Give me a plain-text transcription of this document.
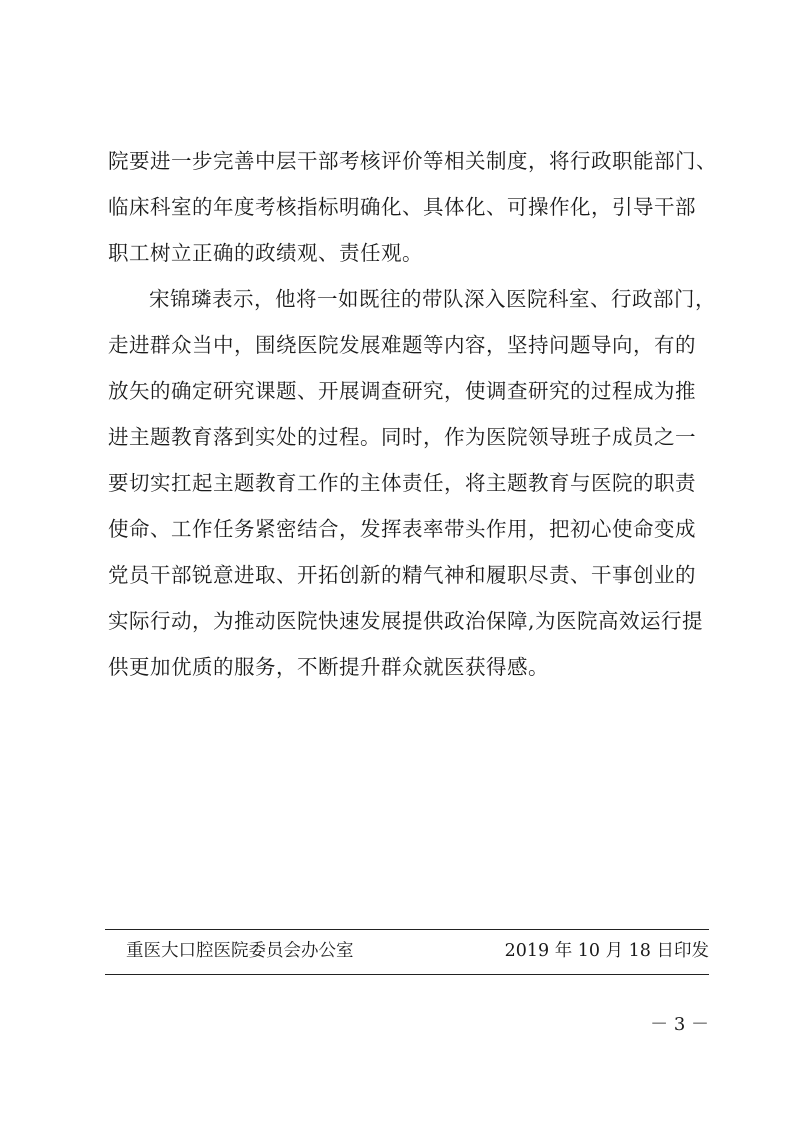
院要进一步完善中层干部考核评价等相关制度，将行政职能部门、
临床科室的年度考核指标明确化、具体化、可操作化，引导干部
职工树立正确的政绩观、责任观。
宋锦璘表示，他将一如既往的带队深入医院科室、行政部门，
走进群众当中，围绕医院发展难题等内容，坚持问题导向，有的
放矢的确定研究课题、开展调查研究，使调查研究的过程成为推
进主题教育落到实处的过程。同时，作为医院领导班子成员之一
要切实扛起主题教育工作的主体责任，将主题教育与医院的职责
使命、工作任务紧密结合，发挥表率带头作用，把初心使命变成
党员干部锐意进取、开拓创新的精气神和履职尽责、干事创业的
实际行动，为推动医院快速发展提供政治保障,为医院高效运行提
供更加优质的服务，不断提升群众就医获得感。
重医大口腔医院委员会办公室	2019 年 10 月 18 日印发
－ 3 －
